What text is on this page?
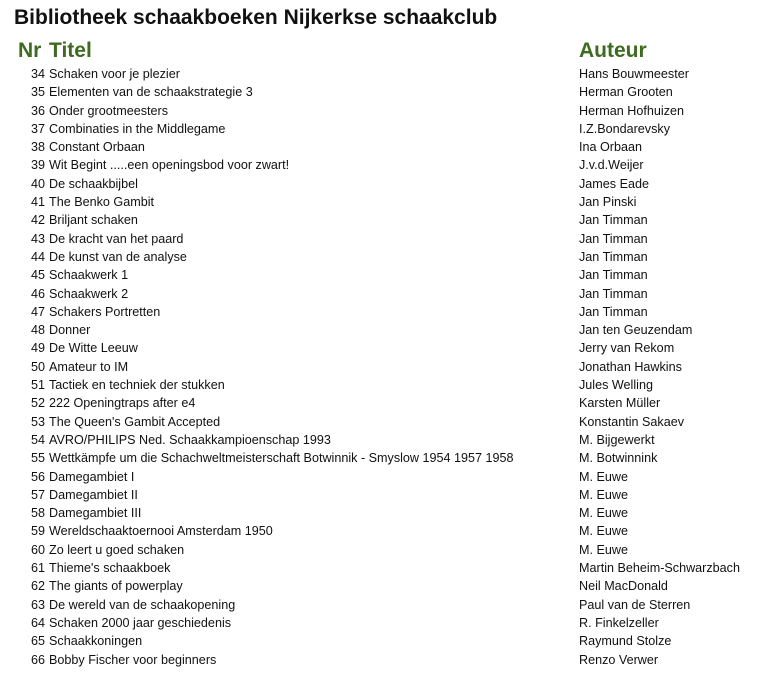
Bibliotheek schaakboeken Nijkerkse schaakclub
Nr Titel	Auteur
34 Schaken voor je plezier	Hans Bouwmeester
35 Elementen van de schaakstrategie 3	Herman Grooten
36 Onder grootmeesters	Herman Hofhuizen
37 Combinaties in the Middlegame	I.Z.Bondarevsky
38 Constant Orbaan	Ina Orbaan
39 Wit Begint .....een openingsbod voor zwart!	J.v.d.Weijer
40 De schaakbijbel	James Eade
41 The Benko Gambit	Jan Pinski
42 Briljant schaken	Jan Timman
43 De kracht van het paard	Jan Timman
44 De kunst van de analyse	Jan Timman
45 Schaakwerk 1	Jan Timman
46 Schaakwerk 2	Jan Timman
47 Schakers Portretten	Jan Timman
48 Donner	Jan ten Geuzendam
49 De Witte Leeuw	Jerry van Rekom
50 Amateur to IM	Jonathan Hawkins
51 Tactiek en techniek der stukken	Jules Welling
52 222 Openingtraps after e4	Karsten Müller
53 The Queen's Gambit Accepted	Konstantin Sakaev
54 AVRO/PHILIPS Ned. Schaakkampioenschap 1993	M. Bijgewerkt
55 Wettkämpfe um die Schachweltmeisterschaft Botwinnik - Smyslow 1954 1957 1958	M. Botwinnink
56 Damegambiet I	M. Euwe
57 Damegambiet II	M. Euwe
58 Damegambiet III	M. Euwe
59 Wereldschaaktoernooi Amsterdam 1950	M. Euwe
60 Zo leert u goed schaken	M. Euwe
61 Thieme's schaakboek	Martin Beheim-Schwarzbach
62 The giants of powerplay	Neil MacDonald
63 De wereld van de schaakopening	Paul van de Sterren
64 Schaken 2000 jaar geschiedenis	R. Finkelzeller
65 Schaakkoningen	Raymund Stolze
66 Bobby Fischer voor beginners	Renzo Verwer
